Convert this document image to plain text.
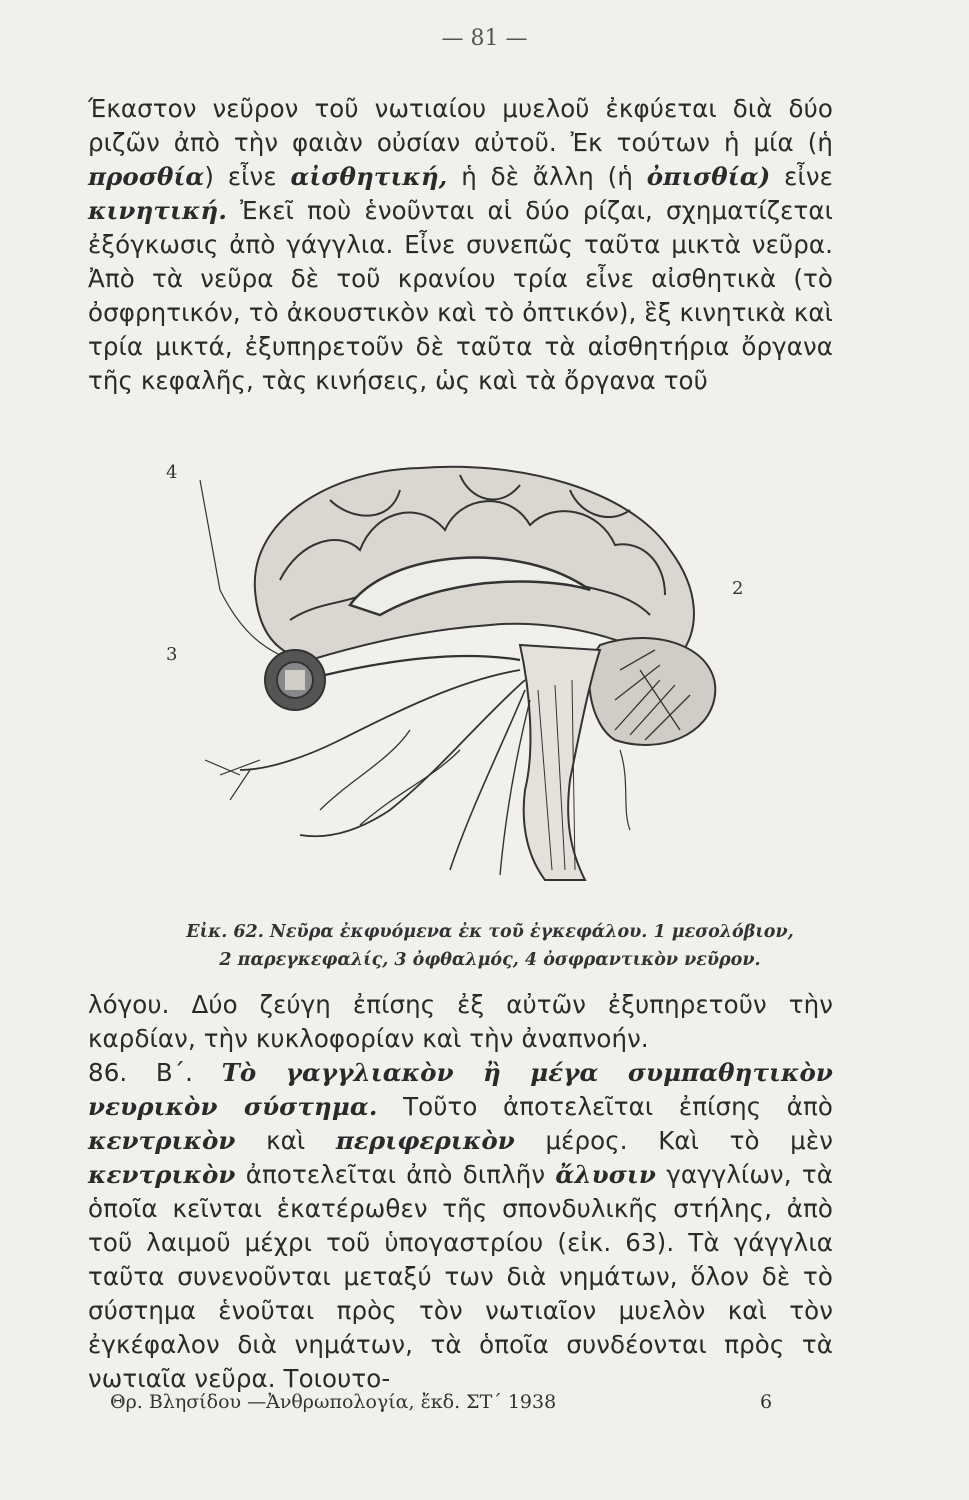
— 81 —

Έκαστον νεῦρον τοῦ νωτιαίου μυελοῦ ἐκφύεται διὰ δύο ριζῶν ἀπὸ τὴν φαιὰν οὐσίαν αὐτοῦ. Ἐκ τούτων ἡ μία (ἡ προσθία) εἶνε αἰσθητική, ἡ δὲ ἄλλη (ἡ ὀπισθία) εἶνε κινητική. Ἐκεῖ ποὺ ἑνοῦνται αἱ δύο ρίζαι, σχηματίζεται ἐξόγκωσις ἀπὸ γάγγλια. Εἶνε συνεπῶς ταῦτα μικτὰ νεῦρα. Ἀπὸ τὰ νεῦρα δὲ τοῦ κρανίου τρία εἶνε αἰσθητικὰ (τὸ ὀσφρητικόν, τὸ ἀκουστικὸν καὶ τὸ ὀπτικόν), ἓξ κινητικὰ καὶ τρία μικτά, ἐξυπηρετοῦν δὲ ταῦτα τὰ αἰσθητήρια ὄργανα τῆς κεφαλῆς, τὰς κινήσεις, ὡς καὶ τὰ ὄργανα τοῦ

4
2
3
Εἰκ. 62. Νεῦρα ἐκφυόμενα ἐκ τοῦ ἐγκεφάλου. 1 μεσολόβιον,
2 παρεγκεφαλίς, 3 ὀφθαλμός, 4 ὀσφραντικὸν νεῦρον.

λόγου. Δύο ζεύγη ἐπίσης ἐξ αὐτῶν ἐξυπηρετοῦν τὴν καρδίαν, τὴν κυκλοφορίαν καὶ τὴν ἀναπνοήν.

86. Β΄. Τὸ γαγγλιακὸν ἢ μέγα συμπαθητικὸν νευρικὸν σύστημα. Τοῦτο ἀποτελεῖται ἐπίσης ἀπὸ κεντρικὸν καὶ περιφερικὸν μέρος. Καὶ τὸ μὲν κεντρικὸν ἀποτελεῖται ἀπὸ διπλῆν ἄλυσιν γαγγλίων, τὰ ὁποῖα κεῖνται ἑκατέρωθεν τῆς σπονδυλικῆς στήλης, ἀπὸ τοῦ λαιμοῦ μέχρι τοῦ ὑπογαστρίου (εἰκ. 63). Τὰ γάγγλια ταῦτα συνενοῦνται μεταξύ των διὰ νημάτων, ὅλον δὲ τὸ σύστημα ἑνοῦται πρὸς τὸν νωτιαῖον μυελὸν καὶ τὸν ἐγκέφαλον διὰ νημάτων, τὰ ὁποῖα συνδέονται πρὸς τὰ νωτιαῖα νεῦρα. Τοιουτο-

Θρ. Βλησίδου —Ἀνθρωπολογία, ἔκδ. ΣΤ΄ 1938	6
